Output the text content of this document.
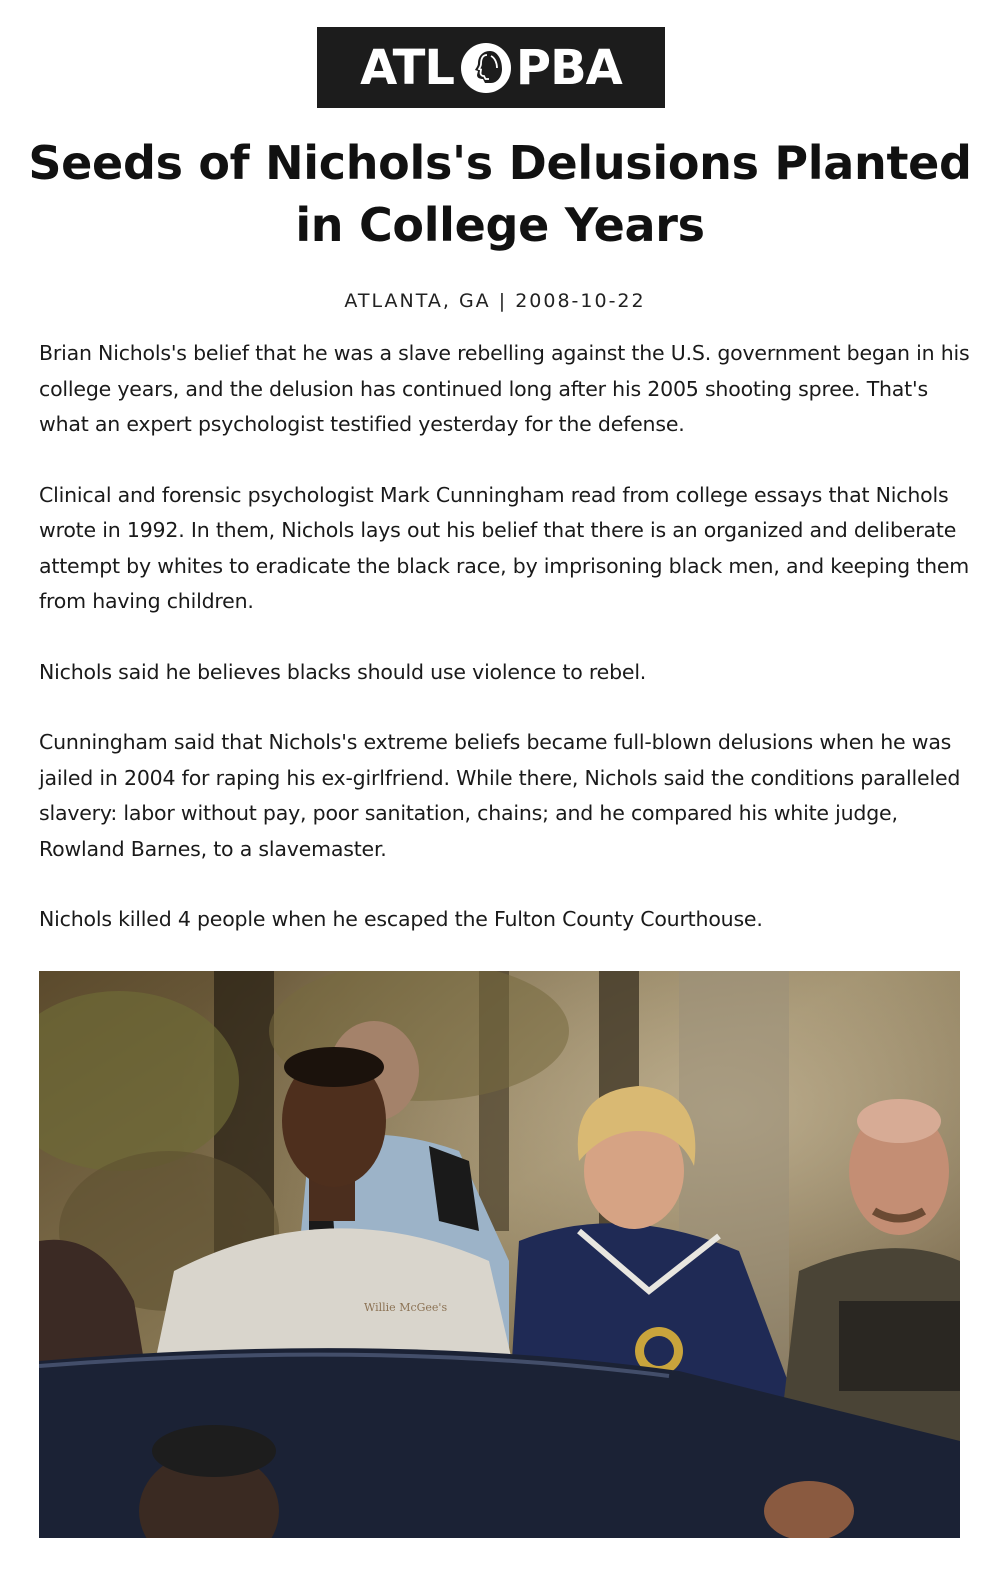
ATL PBA
Seeds of Nichols's Delusions Planted in College Years
ATLANTA, GA | 2008-10-22

Brian Nichols's belief that he was a slave rebelling against the U.S. government began in his college years, and the delusion has continued long after his 2005 shooting spree. That's what an expert psychologist testified yesterday for the defense.

Clinical and forensic psychologist Mark Cunningham read from college essays that Nichols wrote in 1992. In them, Nichols lays out his belief that there is an organized and deliberate attempt by whites to eradicate the black race, by imprisoning black men, and keeping them from having children.

Nichols said he believes blacks should use violence to rebel.

Cunningham said that Nichols's extreme beliefs became full-blown delusions when he was jailed in 2004 for raping his ex-girlfriend. While there, Nichols said the conditions paralleled slavery: labor without pay, poor sanitation, chains; and he compared his white judge, Rowland Barnes, to a slavemaster.

Nichols killed 4 people when he escaped the Fulton County Courthouse.

Willie McGee's
